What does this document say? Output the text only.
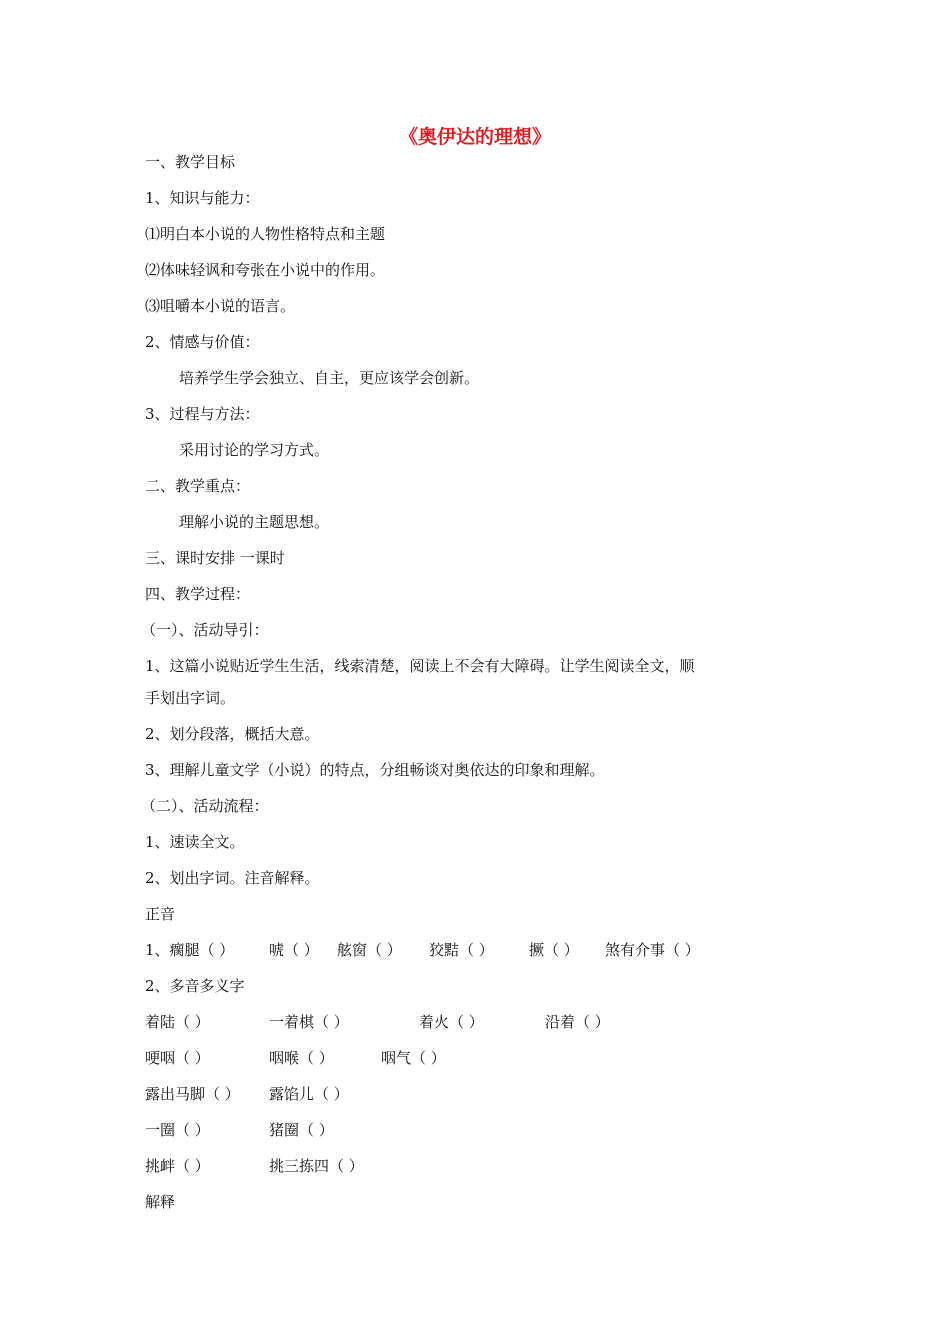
《奥伊达的理想》
一、教学目标
1、知识与能力：
⑴明白本小说的人物性格特点和主题
⑵体味轻讽和夸张在小说中的作用。
⑶咀嚼本小说的语言。
2、情感与价值：
培养学生学会独立、自主，更应该学会创新。
3、过程与方法：
采用讨论的学习方式。
二、教学重点：
理解小说的主题思想。
三、课时安排 一课时
四、教学过程：
（一）、活动导引：
1、这篇小说贴近学生生活，线索清楚，阅读上不会有大障碍。让学生阅读全文，顺
手划出字词。
2、划分段落，概括大意。
3、理解儿童文学（小说）的特点，分组畅谈对奥依达的印象和理解。
（二）、活动流程：
1、速读全文。
2、划出字词。注音解释。
正音
1、瘸腿（ ） 唬（ ） 舷窗（ ） 狡黠（ ） 撅（ ） 煞有介事（ ）
2、多音多义字
着陆（ ）	一着棋（ ）	着火（ ）	沿着（ ）
哽咽（ ）	咽喉（ ）	咽气（ ）
露出马脚（ ） 露馅儿（ ）
一圈（ ）	猪圈（ ）
挑衅（ ）	挑三拣四（ ）
解释
